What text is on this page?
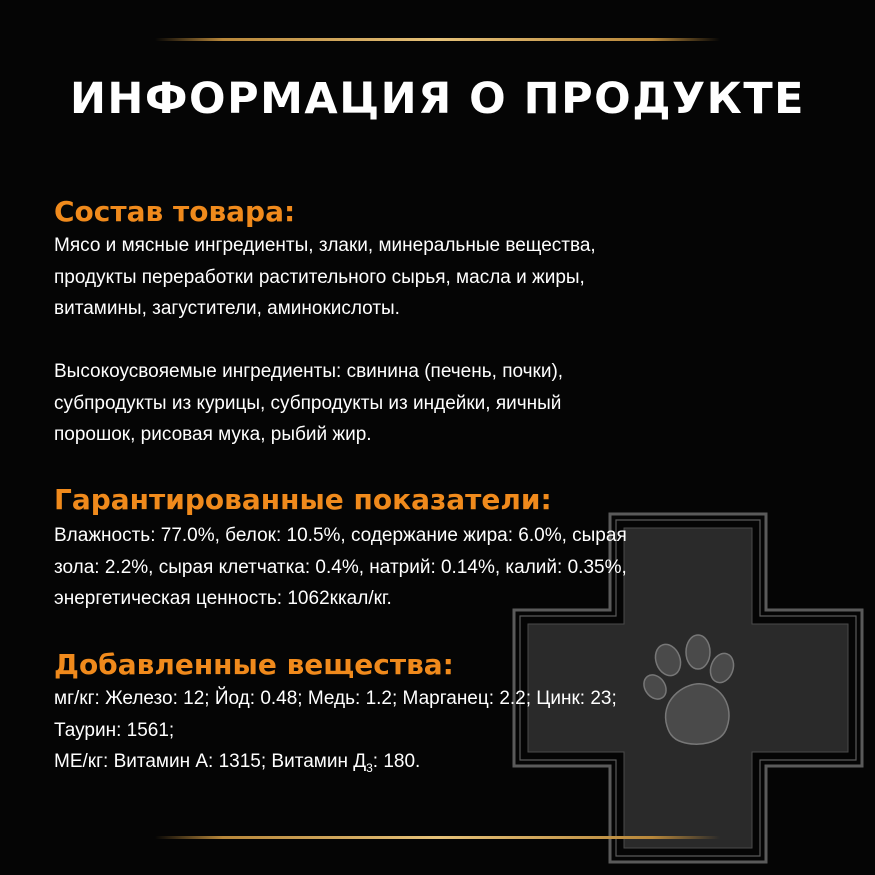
ИНФОРМАЦИЯ О ПРОДУКТЕ
Состав товара:

Мясо и мясные ингредиенты, злаки, минеральные вещества,
продукты переработки растительного сырья, масла и жиры,
витамины, загустители, аминокислоты.

Высокоусвояемые ингредиенты: свинина (печень, почки),
субпродукты из курицы, субпродукты из индейки, яичный
порошок, рисовая мука, рыбий жир.

Гарантированные показатели:

Влажность: 77.0%, белок: 10.5%, содержание жира: 6.0%, сырая
зола: 2.2%, сырая клетчатка: 0.4%, натрий: 0.14%, калий: 0.35%,
энергетическая ценность: 1062ккал/кг.

Добавленные вещества:

мг/кг: Железо: 12; Йод: 0.48; Медь: 1.2; Марганец: 2.2; Цинк: 23;
Таурин: 1561;
МЕ/кг: Витамин А: 1315; Витамин $Д_3$: 180.
